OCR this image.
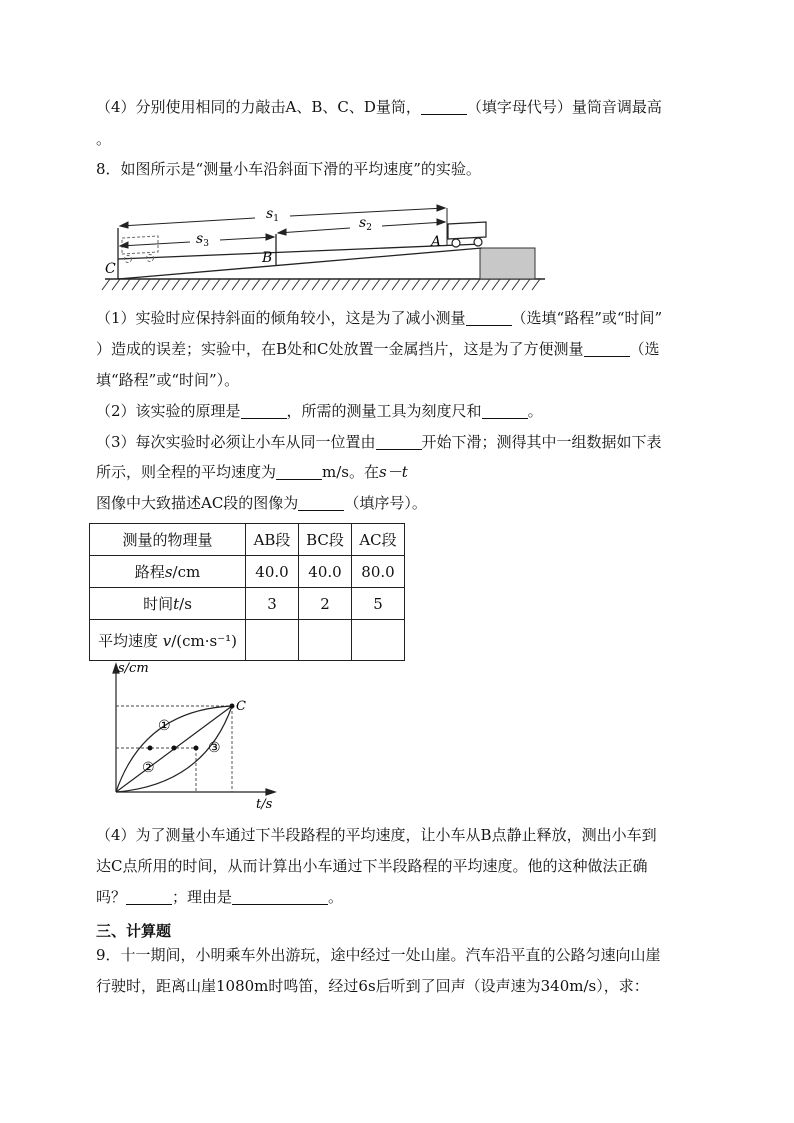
（4）分别使用相同的力敲击A、B、C、D量筒，	（填字母代号）量筒音调最高
。
8．如图所示是“测量小车沿斜面下滑的平均速度”的实验。
$s_1$	$s_2$
$s_3$	A
B
C
（1）实验时应保持斜面的倾角较小，这是为了减小测量	（选填“路程”或“时间”
）造成的误差；实验中，在B处和C处放置一金属挡片，这是为了方便测量	（选
填“路程”或“时间”）。
（2）该实验的原理是	，所需的测量工具为刻度尺和	。
（3）每次实验时必须让小车从同一位置由	开始下滑；测得其中一组数据如下表
所示，则全程的平均速度为	m/s。在s－t
图像中大致描述AC段的图像为	（填序号）。
测量的物理量	AB段	BC段	AC段
路程s/cm	40.0	40.0	80.0
时间t/s	3	2	5
平均速度 v/(cm·s⁻¹)			
s/cm
t/s
C
①
②
③
（4）为了测量小车通过下半段路程的平均速度，让小车从B点静止释放，测出小车到
达C点所用的时间，从而计算出小车通过下半段路程的平均速度。他的这种做法正确
吗？	；理由是	。
三、计算题
9．十一期间，小明乘车外出游玩，途中经过一处山崖。汽车沿平直的公路匀速向山崖
行驶时，距离山崖1080m时鸣笛，经过6s后听到了回声（设声速为340m/s），求：
